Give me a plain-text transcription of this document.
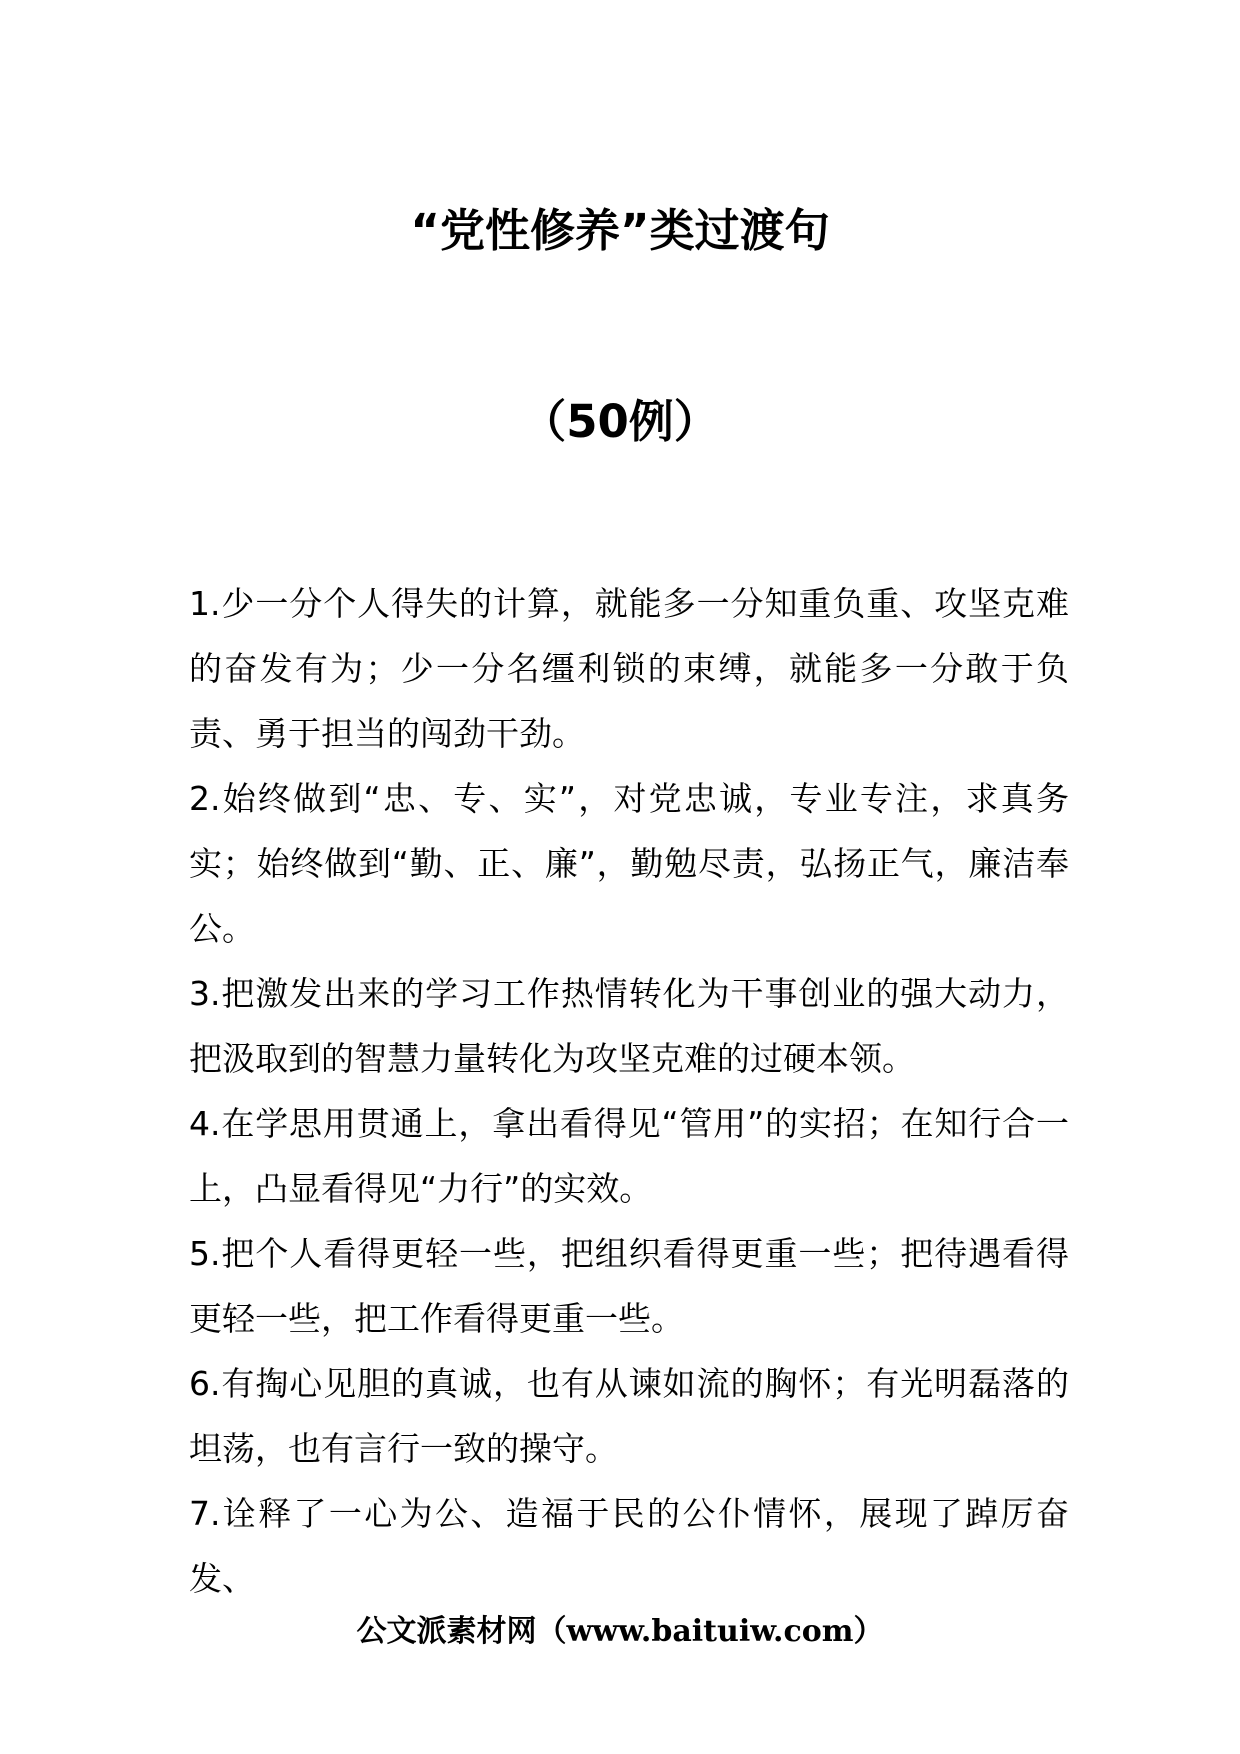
“党性修养”类过渡句
（50例）

1.少一分个人得失的计算，就能多一分知重负重、攻坚克难的奋发有为；少一分名缰利锁的束缚，就能多一分敢于负责、勇于担当的闯劲干劲。

2.始终做到“忠、专、实”，对党忠诚，专业专注，求真务实；始终做到“勤、正、廉”，勤勉尽责，弘扬正气，廉洁奉公。

3.把激发出来的学习工作热情转化为干事创业的强大动力，把汲取到的智慧力量转化为攻坚克难的过硬本领。

4.在学思用贯通上，拿出看得见“管用”的实招；在知行合一上，凸显看得见“力行”的实效。

5.把个人看得更轻一些，把组织看得更重一些；把待遇看得更轻一些，把工作看得更重一些。

6.有掏心见胆的真诚，也有从谏如流的胸怀；有光明磊落的坦荡，也有言行一致的操守。

7.诠释了一心为公、造福于民的公仆情怀，展现了踔厉奋发、

公文派素材网（www.baituiw.com）
